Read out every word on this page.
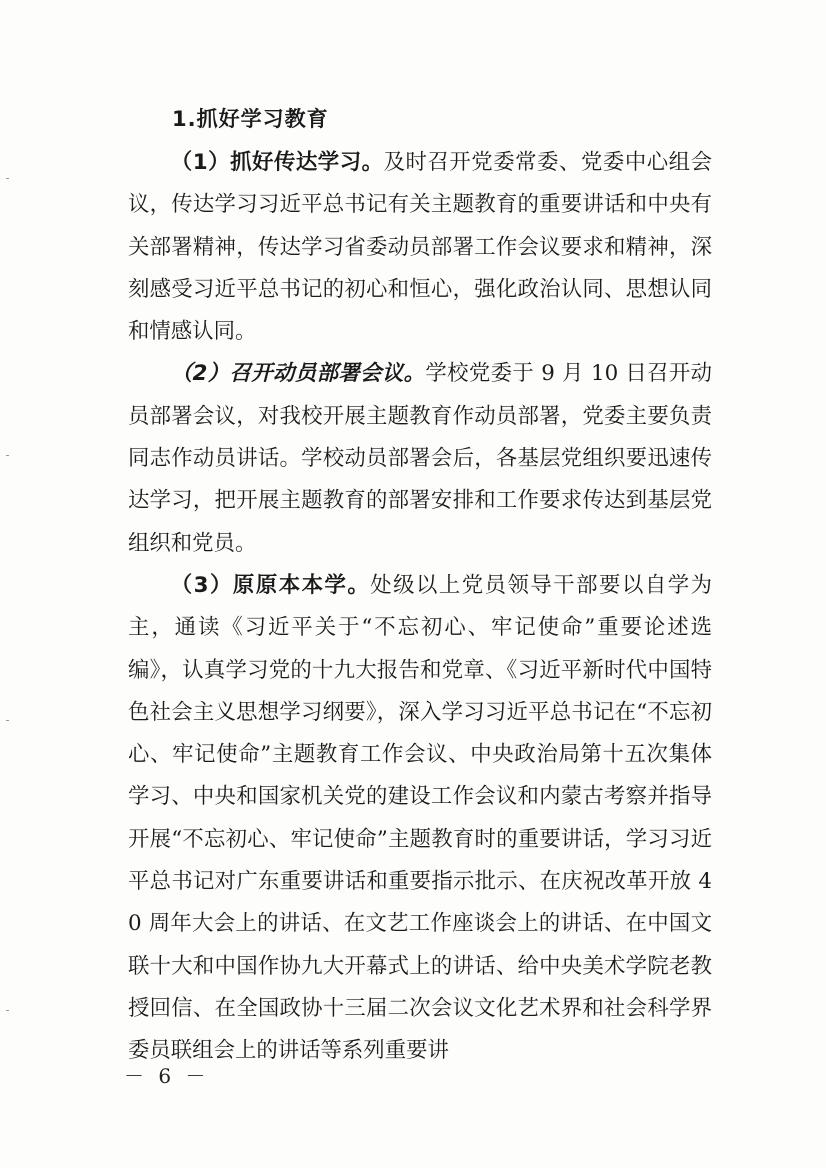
1.抓好学习教育

（1）抓好传达学习。及时召开党委常委、党委中心组会议，传达学习习近平总书记有关主题教育的重要讲话和中央有关部署精神，传达学习省委动员部署工作会议要求和精神，深刻感受习近平总书记的初心和恒心，强化政治认同、思想认同和情感认同。

（2）召开动员部署会议。学校党委于 9 月 10 日召开动员部署会议，对我校开展主题教育作动员部署，党委主要负责同志作动员讲话。学校动员部署会后，各基层党组织要迅速传达学习，把开展主题教育的部署安排和工作要求传达到基层党组织和党员。

（3）原原本本学。处级以上党员领导干部要以自学为主，通读《习近平关于“不忘初心、牢记使命”重要论述选编》，认真学习党的十九大报告和党章、《习近平新时代中国特色社会主义思想学习纲要》，深入学习习近平总书记在“不忘初心、牢记使命”主题教育工作会议、中央政治局第十五次集体学习、中央和国家机关党的建设工作会议和内蒙古考察并指导开展“不忘初心、牢记使命”主题教育时的重要讲话，学习习近平总书记对广东重要讲话和重要指示批示、在庆祝改革开放 40 周年大会上的讲话、在文艺工作座谈会上的讲话、在中国文联十大和中国作协九大开幕式上的讲话、给中央美术学院老教授回信、在全国政协十三届二次会议文化艺术界和社会科学界委员联组会上的讲话等系列重要讲

－ 6 －
